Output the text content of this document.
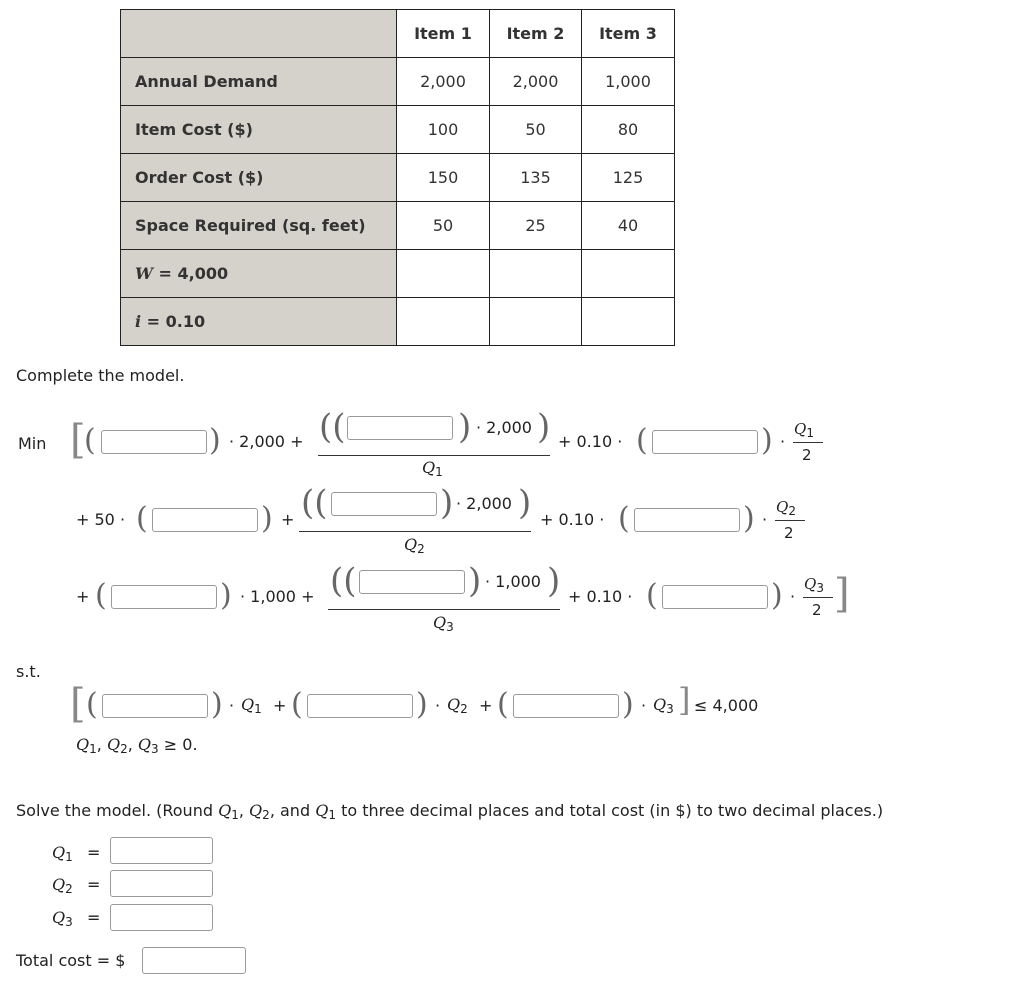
	Item 1	Item 2	Item 3
Annual Demand	2,000	2,000	1,000
Item Cost ($)	100	50	80
Order Cost ($)	150	135	125
Space Required (sq. feet)	50	25	40
W = 4,000			
i = 0.10			
Complete the model.
Min [
(	) · 2,000 + ((	) · 2,000 )
$Q_1$
+ 0.10 · (	) ·
$Q_1$
2
+ 50 · (	) + ((	) · 2,000 )
$Q_2$
+ 0.10 · (	) ·
$Q_2$
2
+ (	) · 1,000 + ((	) · 1,000 )
$Q_3$
+ 0.10 · (	) ·
$Q_3$
2 ]
s.t.
[ (	) · $Q_1$ + (	) · $Q_2$ + (	) · $Q_3$ ] ≤ 4,000
$Q_1$, $Q_2$, $Q_3 \ge 0$.
Solve the model. (Round $Q_1$, $Q_2$, and $Q_1$ to three decimal places and total cost (in $) to two decimal places.)
$Q_1$ =
$Q_2$ =
$Q_3$ =
Total cost = $
